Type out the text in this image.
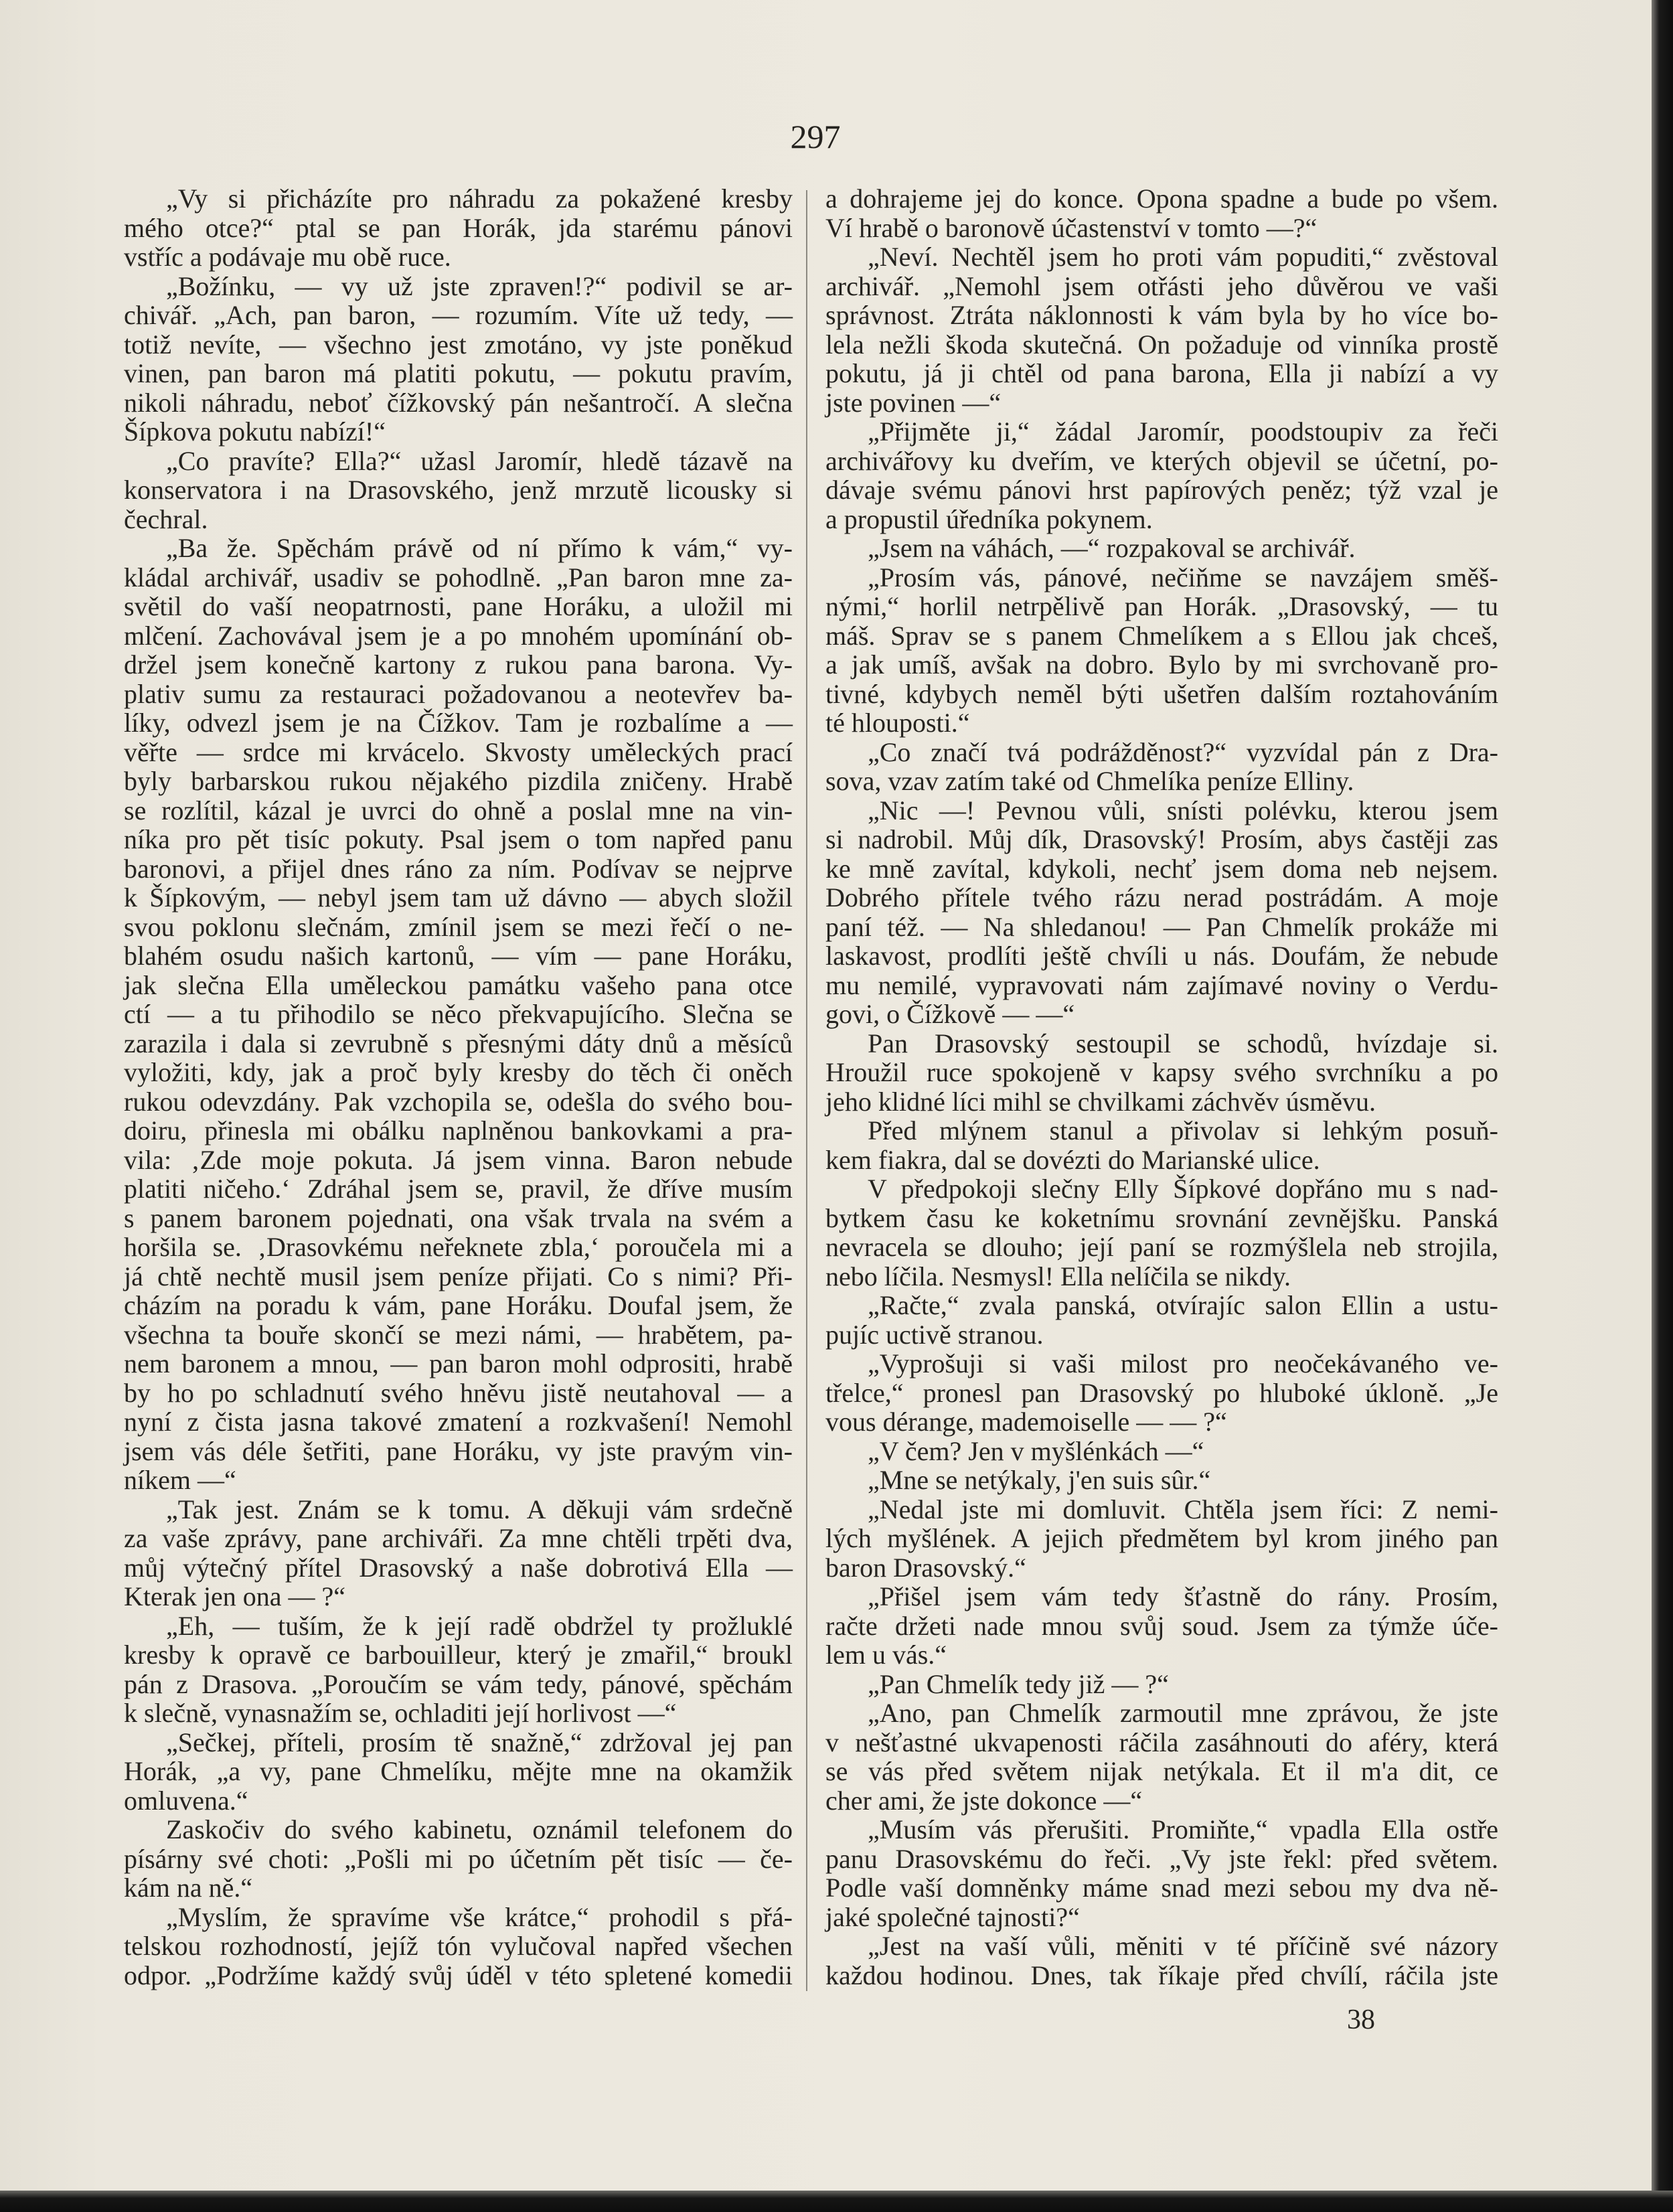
297
„Vy si přicházíte pro náhradu za pokažené kresby
mého otce?“ ptal se pan Horák, jda starému pánovi
vstříc a podávaje mu obě ruce.
„Božínku, — vy už jste zpraven!?“ podivil se ar-
chivář. „Ach, pan baron, — rozumím. Víte už tedy, —
totiž nevíte, — všechno jest zmotáno, vy jste poněkud
vinen, pan baron má platiti pokutu, — pokutu pravím,
nikoli náhradu, neboť čížkovský pán nešantročí. A slečna
Šípkova pokutu nabízí!“
„Co pravíte? Ella?“ užasl Jaromír, hledě tázavě na
konservatora i na Drasovského, jenž mrzutě licousky si
čechral.
„Ba že. Spěchám právě od ní přímo k vám,“ vy-
kládal archivář, usadiv se pohodlně. „Pan baron mne za-
světil do vaší neopatrnosti, pane Horáku, a uložil mi
mlčení. Zachovával jsem je a po mnohém upomínání ob-
držel jsem konečně kartony z rukou pana barona. Vy-
plativ sumu za restauraci požadovanou a neotevřev ba-
líky, odvezl jsem je na Čížkov. Tam je rozbalíme a —
věřte — srdce mi krvácelo. Skvosty uměleckých prací
byly barbarskou rukou nějakého pizdila zničeny. Hrabě
se rozlítil, kázal je uvrci do ohně a poslal mne na vin-
níka pro pět tisíc pokuty. Psal jsem o tom napřed panu
baronovi, a přijel dnes ráno za ním. Podívav se nejprve
k Šípkovým, — nebyl jsem tam už dávno — abych složil
svou poklonu slečnám, zmínil jsem se mezi řečí o ne-
blahém osudu našich kartonů, — vím — pane Horáku,
jak slečna Ella uměleckou památku vašeho pana otce
ctí — a tu přihodilo se něco překvapujícího. Slečna se
zarazila i dala si zevrubně s přesnými dáty dnů a měsíců
vyložiti, kdy, jak a proč byly kresby do těch či oněch
rukou odevzdány. Pak vzchopila se, odešla do svého bou-
doiru, přinesla mi obálku naplněnou bankovkami a pra-
vila: ‚Zde moje pokuta. Já jsem vinna. Baron nebude
platiti ničeho.‘ Zdráhal jsem se, pravil, že dříve musím
s panem baronem pojednati, ona však trvala na svém a
horšila se. ‚Drasovkému neřeknete zbla,‘ poroučela mi a
já chtě nechtě musil jsem peníze přijati. Co s nimi? Při-
cházím na poradu k vám, pane Horáku. Doufal jsem, že
všechna ta bouře skončí se mezi námi, — hrabětem, pa-
nem baronem a mnou, — pan baron mohl odprositi, hrabě
by ho po schladnutí svého hněvu jistě neutahoval — a
nyní z čista jasna takové zmatení a rozkvašení! Nemohl
jsem vás déle šetřiti, pane Horáku, vy jste pravým vin-
níkem —“
„Tak jest. Znám se k tomu. A děkuji vám srdečně
za vaše zprávy, pane archiváři. Za mne chtěli trpěti dva,
můj výtečný přítel Drasovský a naše dobrotivá Ella —
Kterak jen ona — ?“
„Eh, — tuším, že k její radě obdržel ty prožluklé
kresby k opravě ce barbouilleur, který je zmařil,“ broukl
pán z Drasova. „Poroučím se vám tedy, pánové, spěchám
k slečně, vynasnažím se, ochladiti její horlivost —“
„Sečkej, příteli, prosím tě snažně,“ zdržoval jej pan
Horák, „a vy, pane Chmelíku, mějte mne na okamžik
omluvena.“
Zaskočiv do svého kabinetu, oznámil telefonem do
písárny své choti: „Pošli mi po účetním pět tisíc — če-
kám na ně.“
„Myslím, že spravíme vše krátce,“ prohodil s přá-
telskou rozhodností, jejíž tón vylučoval napřed všechen
odpor. „Podržíme každý svůj úděl v této spletené komedii
a dohrajeme jej do konce. Opona spadne a bude po všem.
Ví hrabě o baronově účastenství v tomto —?“
„Neví. Nechtěl jsem ho proti vám popuditi,“ zvěstoval
archivář. „Nemohl jsem otřásti jeho důvěrou ve vaši
správnost. Ztráta náklonnosti k vám byla by ho více bo-
lela nežli škoda skutečná. On požaduje od vinníka prostě
pokutu, já ji chtěl od pana barona, Ella ji nabízí a vy
jste povinen —“
„Přijměte ji,“ žádal Jaromír, poodstoupiv za řeči
archivářovy ku dveřím, ve kterých objevil se účetní, po-
dávaje svému pánovi hrst papírových peněz; týž vzal je
a propustil úředníka pokynem.
„Jsem na váhách, —“ rozpakoval se archivář.
„Prosím vás, pánové, nečiňme se navzájem směš-
nými,“ horlil netrpělivě pan Horák. „Drasovský, — tu
máš. Sprav se s panem Chmelíkem a s Ellou jak chceš,
a jak umíš, avšak na dobro. Bylo by mi svrchovaně pro-
tivné, kdybych neměl býti ušetřen dalším roztahováním
té hlouposti.“
„Co značí tvá podrážděnost?“ vyzvídal pán z Dra-
sova, vzav zatím také od Chmelíka peníze Elliny.
„Nic —! Pevnou vůli, snísti polévku, kterou jsem
si nadrobil. Můj dík, Drasovský! Prosím, abys častěji zas
ke mně zavítal, kdykoli, nechť jsem doma neb nejsem.
Dobrého přítele tvého rázu nerad postrádám. A moje
paní též. — Na shledanou! — Pan Chmelík prokáže mi
laskavost, prodlíti ještě chvíli u nás. Doufám, že nebude
mu nemilé, vypravovati nám zajímavé noviny o Verdu-
govi, o Čížkově — —“
Pan Drasovský sestoupil se schodů, hvízdaje si.
Hroužil ruce spokojeně v kapsy svého svrchníku a po
jeho klidné líci mihl se chvilkami záchvěv úsměvu.
Před mlýnem stanul a přivolav si lehkým posuň-
kem fiakra, dal se dovézti do Marianské ulice.
V předpokoji slečny Elly Šípkové dopřáno mu s nad-
bytkem času ke koketnímu srovnání zevnějšku. Panská
nevracela se dlouho; její paní se rozmýšlela neb strojila,
nebo líčila. Nesmysl! Ella nelíčila se nikdy.
„Račte,“ zvala panská, otvírajíc salon Ellin a ustu-
pujíc uctivě stranou.
„Vyprošuji si vaši milost pro neočekávaného ve-
třelce,“ pronesl pan Drasovský po hluboké úkloně. „Je
vous dérange, mademoiselle — — ?“
„V čem? Jen v myšlénkách —“
„Mne se netýkaly, j'en suis sûr.“
„Nedal jste mi domluvit. Chtěla jsem říci: Z nemi-
lých myšlének. A jejich předmětem byl krom jiného pan
baron Drasovský.“
„Přišel jsem vám tedy šťastně do rány. Prosím,
račte držeti nade mnou svůj soud. Jsem za týmže úče-
lem u vás.“
„Pan Chmelík tedy již — ?“
„Ano, pan Chmelík zarmoutil mne zprávou, že jste
v nešťastné ukvapenosti ráčila zasáhnouti do aféry, která
se vás před světem nijak netýkala. Et il m'a dit, ce
cher ami, že jste dokonce —“
„Musím vás přerušiti. Promiňte,“ vpadla Ella ostře
panu Drasovskému do řeči. „Vy jste řekl: před světem.
Podle vaší domněnky máme snad mezi sebou my dva ně-
jaké společné tajnosti?“
„Jest na vaší vůli, měniti v té příčině své názory
každou hodinou. Dnes, tak říkaje před chvílí, ráčila jste
38
